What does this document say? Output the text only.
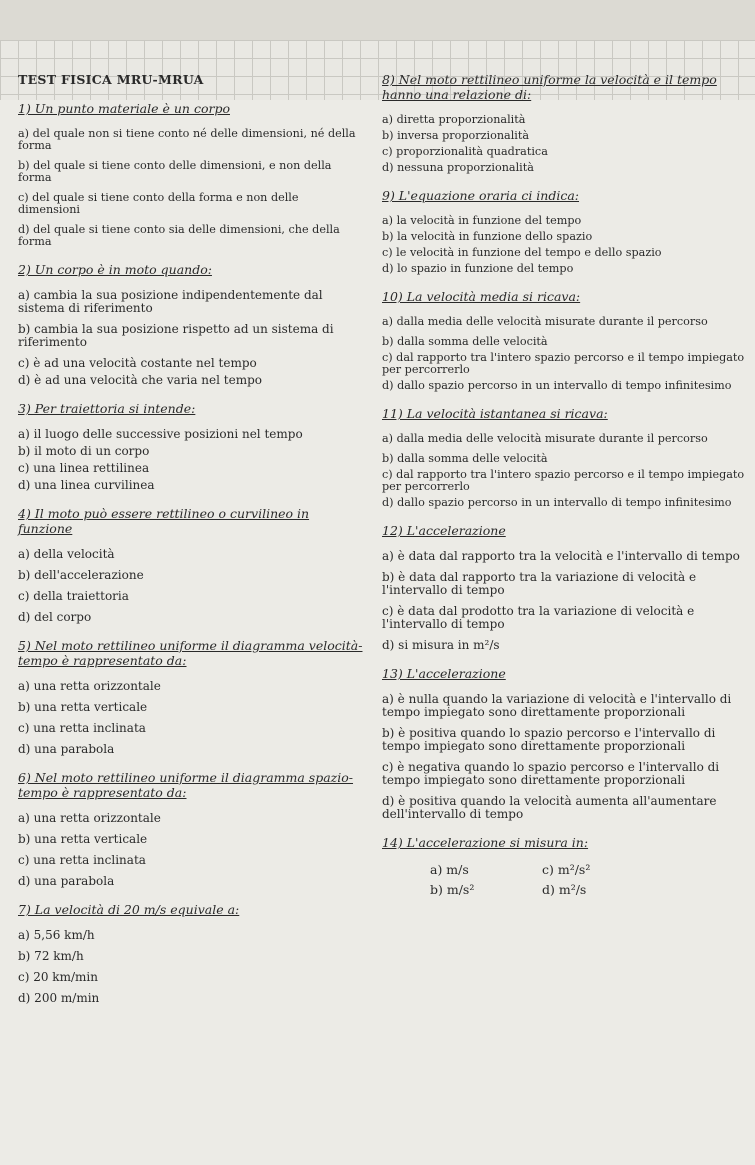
TEST FISICA MRU-MRUA
1) Un punto materiale è un corpo
a) del quale non si tiene conto né delle dimensioni, né della forma
b) del quale si tiene conto delle dimensioni, e non della forma
c) del quale si tiene conto della forma e non delle dimensioni
d) del quale si tiene conto sia delle dimensioni, che della forma
2) Un corpo è in moto quando:
a) cambia la sua posizione indipendentemente dal sistema di riferimento
b) cambia la sua posizione rispetto ad un sistema di riferimento
c) è ad una velocità costante nel tempo
d) è ad una velocità che varia nel tempo
3) Per traiettoria si intende:
a) il luogo delle successive posizioni nel tempo
b) il moto di un corpo
c) una linea rettilinea
d) una linea curvilinea
4) Il moto può essere rettilineo o curvilineo in funzione
a) della velocità
b) dell'accelerazione
c) della traiettoria
d) del corpo
5) Nel moto rettilineo uniforme il diagramma velocità-tempo è rappresentato da:
a) una retta orizzontale
b) una retta verticale
c) una retta inclinata
d) una parabola
6) Nel moto rettilineo uniforme il diagramma spazio-tempo è rappresentato da:
a) una retta orizzontale
b) una retta verticale
c) una retta inclinata
d) una parabola
7) La velocità di 20 m/s equivale a:
a) 5,56 km/h
b) 72 km/h
c) 20 km/min
d) 200 m/min
8) Nel moto rettilineo uniforme la velocità e il tempo hanno una relazione di:
a) diretta proporzionalità
b) inversa proporzionalità
c) proporzionalità quadratica
d) nessuna proporzionalità
9) L'equazione oraria ci indica:
a) la velocità in funzione del tempo
b) la velocità in funzione dello spazio
c) le velocità in funzione del tempo e dello spazio
d) lo spazio in funzione del tempo
10) La velocità media si ricava:
a) dalla media delle velocità misurate durante il percorso
b) dalla somma delle velocità
c) dal rapporto tra l'intero spazio percorso e il tempo impiegato per percorrerlo
d) dallo spazio percorso in un intervallo di tempo infinitesimo
11) La velocità istantanea si ricava:
a) dalla media delle velocità misurate durante il percorso
b) dalla somma delle velocità
c) dal rapporto tra l'intero spazio percorso e il tempo impiegato per percorrerlo
d) dallo spazio percorso in un intervallo di tempo infinitesimo
12) L'accelerazione
a) è data dal rapporto tra la velocità e l'intervallo di tempo
b) è data dal rapporto tra la variazione di velocità e l'intervallo di tempo
c) è data dal prodotto tra la variazione di velocità e l'intervallo di tempo
d) si misura in m²/s
13) L'accelerazione
a) è nulla quando la variazione di velocità e l'intervallo di tempo impiegato sono direttamente proporzionali
b) è positiva quando lo spazio percorso e l'intervallo di tempo impiegato sono direttamente proporzionali
c) è negativa quando lo spazio percorso e l'intervallo di tempo impiegato sono direttamente proporzionali
d) è positiva quando la velocità aumenta all'aumentare dell'intervallo di tempo
14) L'accelerazione si misura in:
a) m/s	c) m²/s²
b) m/s²	d) m²/s
